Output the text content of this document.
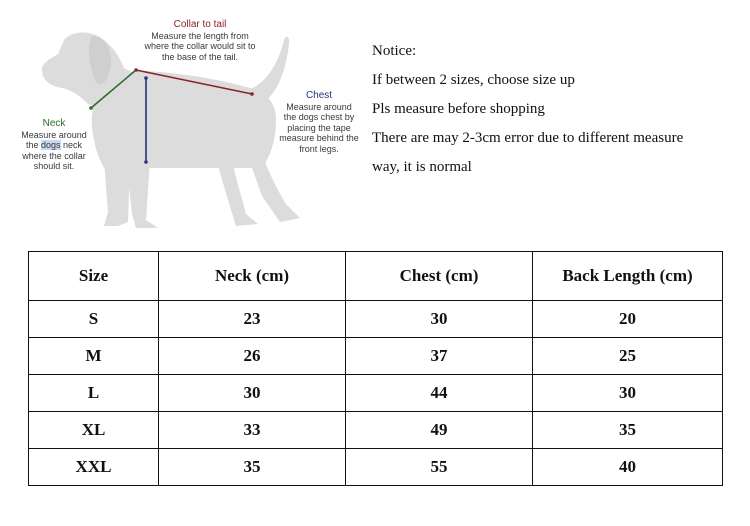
Collar to tail
Measure the length from
where the collar would sit to
the base of the tail.
Chest
Measure around
the dogs chest by
placing the tape
measure behind the
front legs.
Neck
Measure around
the dogs neck
where the collar
should sit.

Notice:

If between 2 sizes, choose size up

Pls measure before shopping

There are may 2-3cm error due to different measure

way, it is normal

Size	Neck (cm)	Chest (cm)	Back Length (cm)
S	23	30	20
M	26	37	25
L	30	44	30
XL	33	49	35
XXL	35	55	40
